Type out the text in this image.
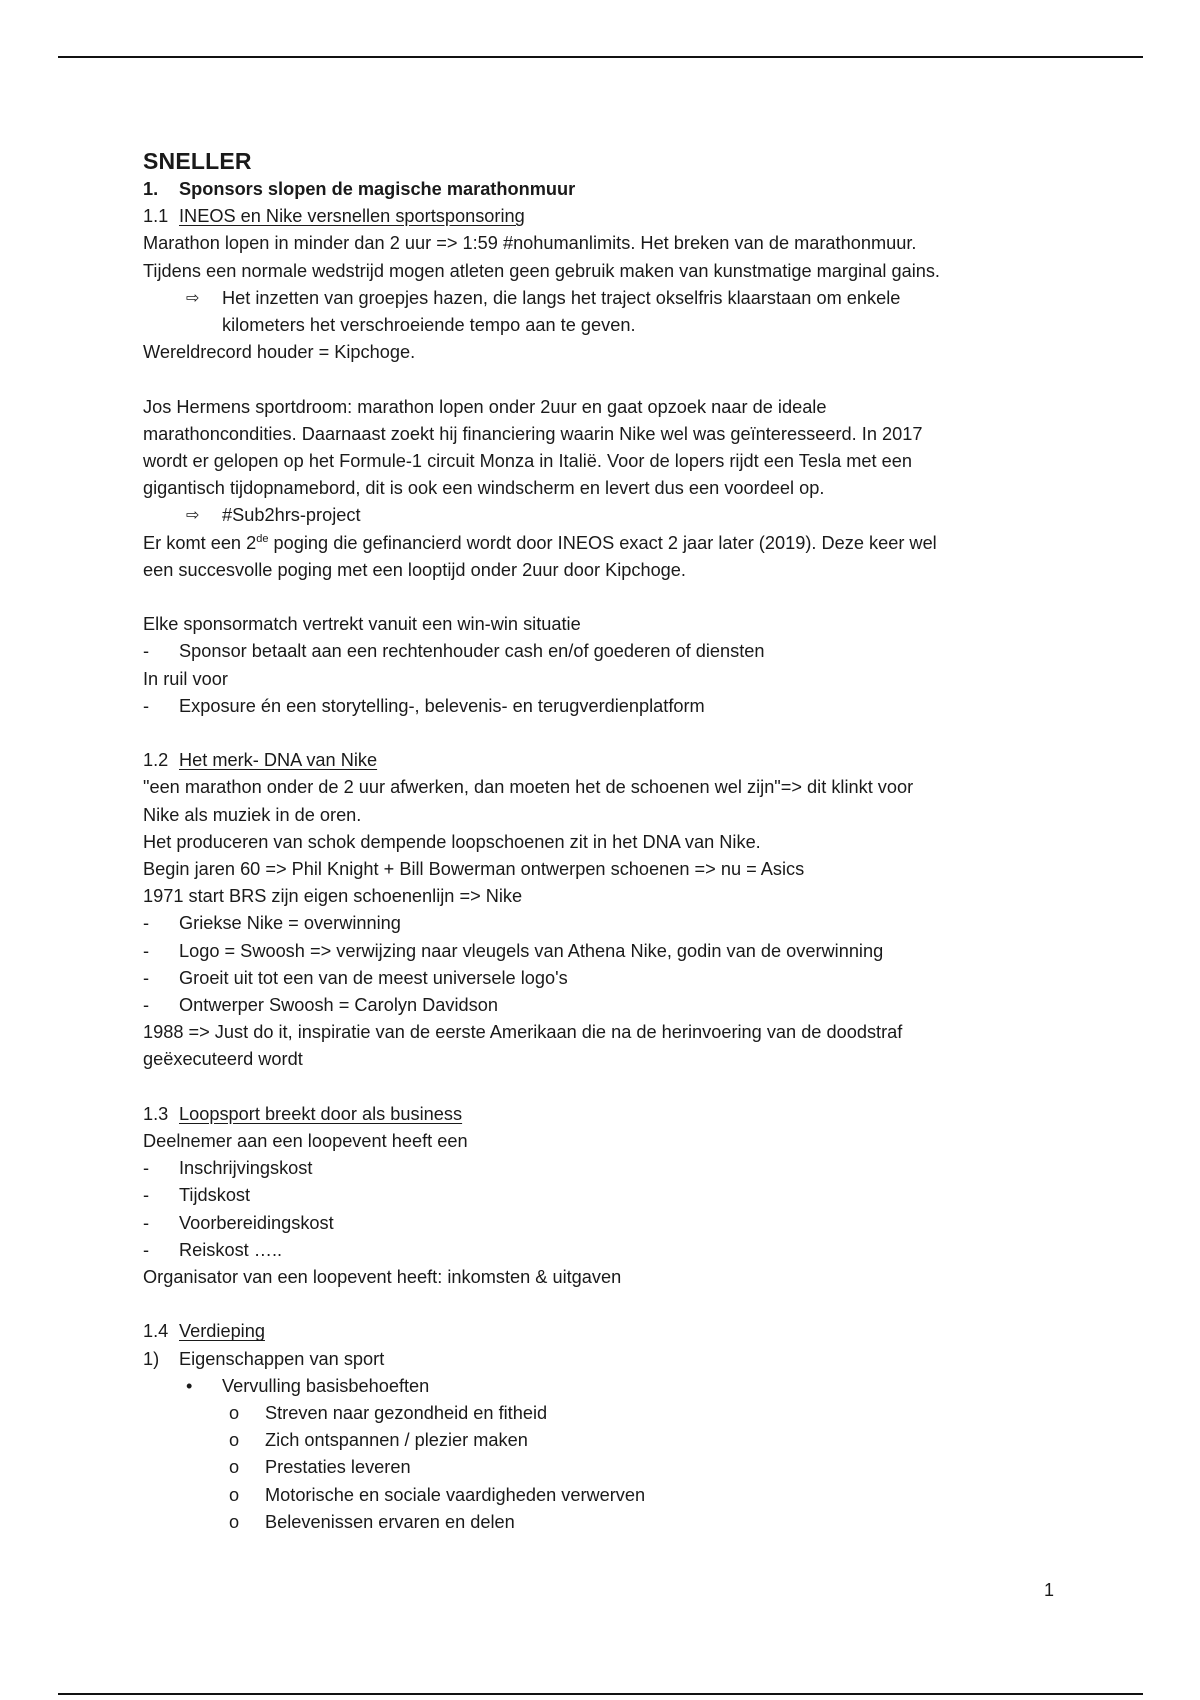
SNELLER

1.	Sponsors slopen de magische marathonmuur
1.1 INEOS en Nike versnellen sportsponsoring

Marathon lopen in minder dan 2 uur => 1:59 #nohumanlimits. Het breken van de marathonmuur.

Tijdens een normale wedstrijd mogen atleten geen gebruik maken van kunstmatige marginal gains.

⇨	Het inzetten van groepjes hazen, die langs het traject okselfris klaarstaan om enkele kilometers het verschroeiende tempo aan te geven.

Wereldrecord houder = Kipchoge.

Jos Hermens sportdroom: marathon lopen onder 2uur en gaat opzoek naar de ideale

marathoncondities. Daarnaast zoekt hij financiering waarin Nike wel was geïnteresseerd. In 2017

wordt er gelopen op het Formule-1 circuit Monza in Italië. Voor de lopers rijdt een Tesla met een

gigantisch tijdopnamebord, dit is ook een windscherm en levert dus een voordeel op.

⇨	#Sub2hrs-project

Er komt een 2de poging die gefinancierd wordt door INEOS exact 2 jaar later (2019). Deze keer wel

een succesvolle poging met een looptijd onder 2uur door Kipchoge.

Elke sponsormatch vertrekt vanuit een win-win situatie

-	Sponsor betaalt aan een rechtenhouder cash en/of goederen of diensten

In ruil voor

-	Exposure én een storytelling-, belevenis- en terugverdienplatform
1.2 Het merk- DNA van Nike

"een marathon onder de 2 uur afwerken, dan moeten het de schoenen wel zijn"=> dit klinkt voor

Nike als muziek in de oren.

Het produceren van schok dempende loopschoenen zit in het DNA van Nike.

Begin jaren 60 => Phil Knight + Bill Bowerman ontwerpen schoenen => nu = Asics

1971 start BRS zijn eigen schoenenlijn => Nike

-	Griekse Nike = overwinning
-	Logo = Swoosh => verwijzing naar vleugels van Athena Nike, godin van de overwinning
-	Groeit uit tot een van de meest universele logo's
-	Ontwerper Swoosh = Carolyn Davidson

1988 => Just do it, inspiratie van de eerste Amerikaan die na de herinvoering van de doodstraf

geëxecuteerd wordt

1.3 Loopsport breekt door als business

Deelnemer aan een loopevent heeft een

-	Inschrijvingskost
-	Tijdskost
-	Voorbereidingskost
-	Reiskost …..

Organisator van een loopevent heeft: inkomsten & uitgaven

1.4 Verdieping
1)	Eigenschappen van sport
•	Vervulling basisbehoeften
o	Streven naar gezondheid en fitheid
o	Zich ontspannen / plezier maken
o	Prestaties leveren
o	Motorische en sociale vaardigheden verwerven
o	Belevenissen ervaren en delen
1
